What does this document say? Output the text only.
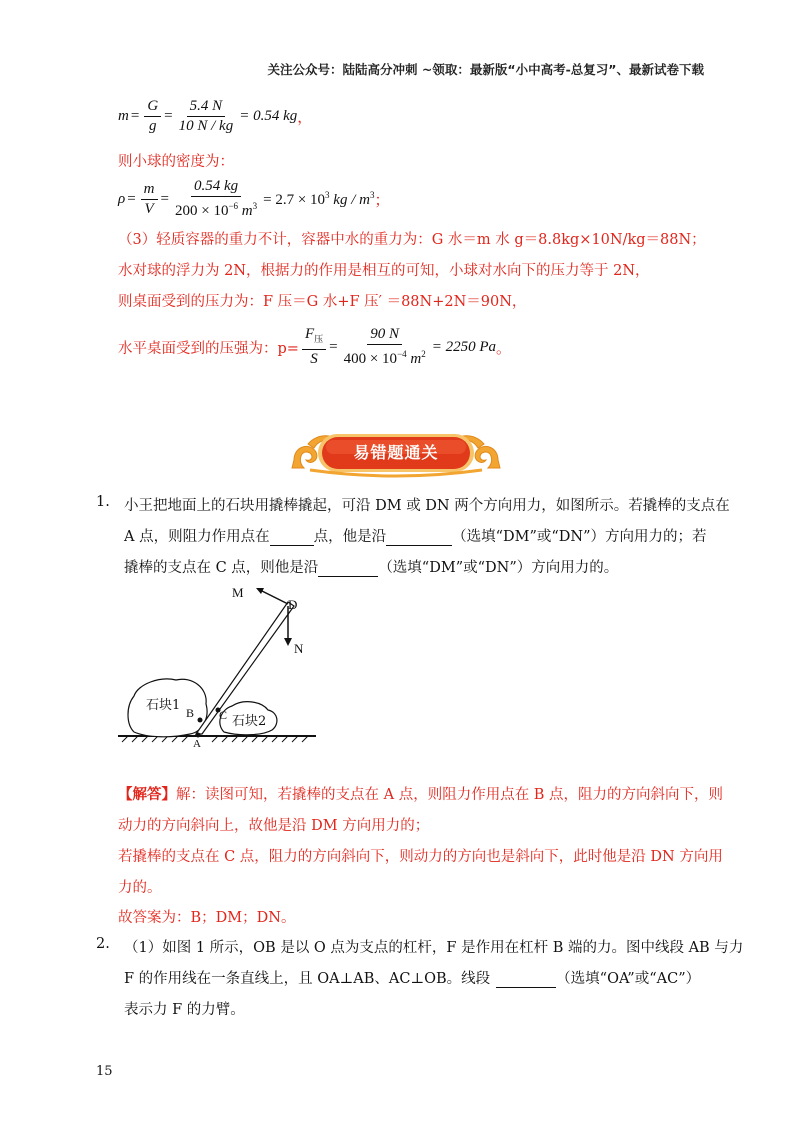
关注公众号：陆陆高分冲刺 ~领取：最新版“小中高考-总复习”、最新试卷下载
$m = \frac{G}{g} = \frac{5.4 N}{10 N / kg} = 0.54$ kg ，
则小球的密度为：
$\rho = \frac{m}{V} = \frac{0.54 kg}{200 \times 10^{-6} m^3} = 2.7 \times 10^3$ kg / $m^3$ ；
（3）轻质容器的重力不计，容器中水的重力为：G 水＝m 水 g＝8.8kg×10N/kg＝88N；
水对球的浮力为 2N，根据力的作用是相互的可知，小球对水向下的压力等于 2N，
则桌面受到的压力为：F 压＝G 水+F 压′ ＝88N+2N＝90N，
水平桌面受到的压强为：$p= \frac{F_压}{S} = \frac{90 N}{400 \times 10^{-4} m^2} = 2250$ Pa 。
易错题通关
1. 小王把地面上的石块用撬棒撬起，可沿 DM 或 DN 两个方向用力，如图所示。若撬棒的支点在
A 点，则阻力作用点在	点，他是沿	（选填“DM”或“DN”）方向用力的；若
撬棒的支点在 C 点，则他是沿	（选填“DM”或“DN”）方向用力的。
M
D
N
B C
A
石块1
石块2
【解答】解：读图可知，若撬棒的支点在 A 点，则阻力作用点在 B 点，阻力的方向斜向下，则
动力的方向斜向上，故他是沿 DM 方向用力的；
若撬棒的支点在 C 点，阻力的方向斜向下，则动力的方向也是斜向下，此时他是沿 DN 方向用
力的。
故答案为：B；DM；DN。
2. （1）如图 1 所示，OB 是以 O 点为支点的杠杆，F 是作用在杠杆 B 端的力。图中线段 AB 与力
F 的作用线在一条直线上，且 OA⊥AB、AC⊥OB。线段	（选填“OA”或“AC”）
表示力 F 的力臂。
15
